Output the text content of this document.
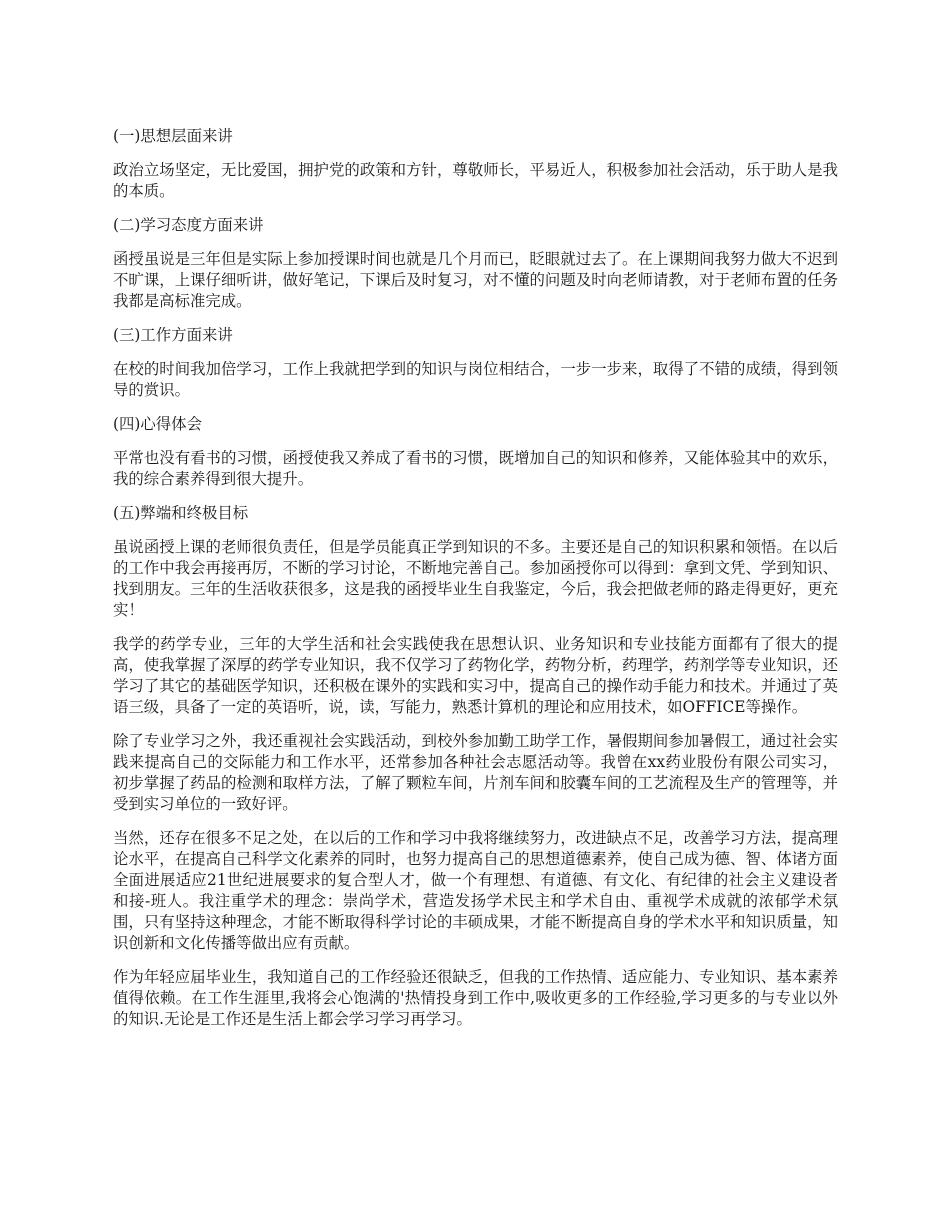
(一)思想层面来讲

政治立场坚定，无比爱国，拥护党的政策和方针，尊敬师长，平易近人，积极参加社会活动，乐于助人是我的本质。

(二)学习态度方面来讲

函授虽说是三年但是实际上参加授课时间也就是几个月而已，眨眼就过去了。在上课期间我努力做大不迟到不旷课，上课仔细听讲，做好笔记，下课后及时复习，对不懂的问题及时向老师请教，对于老师布置的任务我都是高标准完成。

(三)工作方面来讲

在校的时间我加倍学习，工作上我就把学到的知识与岗位相结合，一步一步来，取得了不错的成绩，得到领导的赏识。

(四)心得体会

平常也没有看书的习惯，函授使我又养成了看书的习惯，既增加自己的知识和修养，又能体验其中的欢乐，我的综合素养得到很大提升。

(五)弊端和终极目标

虽说函授上课的老师很负责任，但是学员能真正学到知识的不多。主要还是自己的知识积累和领悟。在以后的工作中我会再接再厉，不断的学习讨论，不断地完善自己。参加函授你可以得到：拿到文凭、学到知识、找到朋友。三年的生活收获很多，这是我的函授毕业生自我鉴定，今后，我会把做老师的路走得更好，更充实！

我学的药学专业，三年的大学生活和社会实践使我在思想认识、业务知识和专业技能方面都有了很大的提高，使我掌握了深厚的药学专业知识，我不仅学习了药物化学，药物分析，药理学，药剂学等专业知识，还学习了其它的基础医学知识，还积极在课外的实践和实习中，提高自己的操作动手能力和技术。并通过了英语三级，具备了一定的英语听，说，读，写能力，熟悉计算机的理论和应用技术，如OFFICE等操作。

除了专业学习之外，我还重视社会实践活动，到校外参加勤工助学工作，暑假期间参加暑假工，通过社会实践来提高自己的交际能力和工作水平，还常参加各种社会志愿活动等。我曾在xx药业股份有限公司实习，初步掌握了药品的检测和取样方法，了解了颗粒车间，片剂车间和胶囊车间的工艺流程及生产的管理等，并受到实习单位的一致好评。

当然，还存在很多不足之处，在以后的工作和学习中我将继续努力，改进缺点不足，改善学习方法，提高理论水平，在提高自己科学文化素养的同时，也努力提高自己的思想道德素养，使自己成为德、智、体诸方面全面进展适应21世纪进展要求的复合型人才，做一个有理想、有道德、有文化、有纪律的社会主义建设者和接-班人。我注重学术的理念：崇尚学术，营造发扬学术民主和学术自由、重视学术成就的浓郁学术氛围，只有坚持这种理念，才能不断取得科学讨论的丰硕成果，才能不断提高自身的学术水平和知识质量，知识创新和文化传播等做出应有贡献。

作为年轻应届毕业生，我知道自己的工作经验还很缺乏，但我的工作热情、适应能力、专业知识、基本素养值得依赖。在工作生涯里,我将会心饱满的'热情投身到工作中,吸收更多的工作经验,学习更多的与专业以外的知识.无论是工作还是生活上都会学习学习再学习。
